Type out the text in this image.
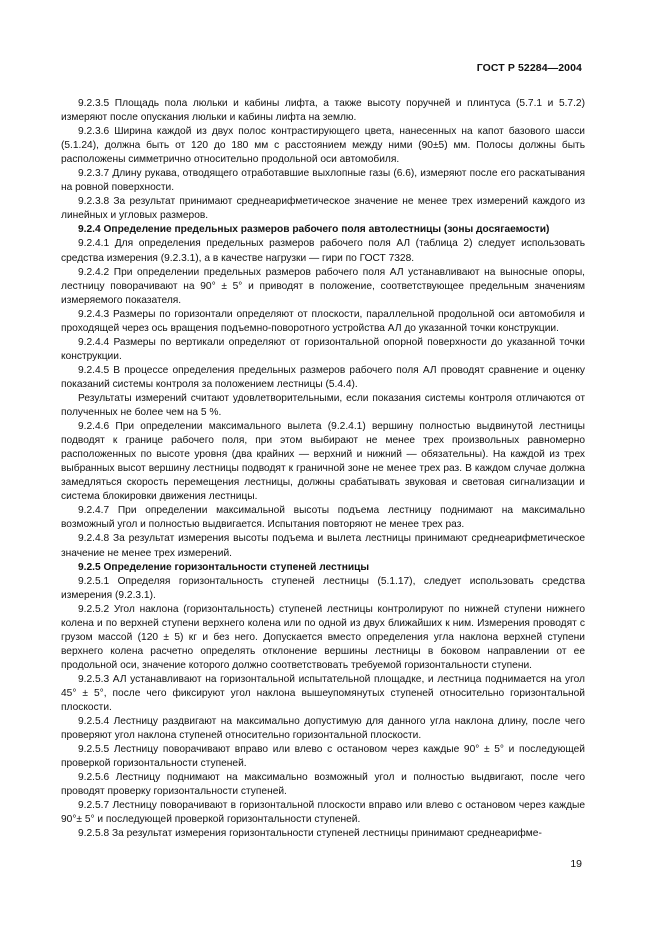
ГОСТ Р 52284—2004

9.2.3.5 Площадь пола люльки и кабины лифта, а также высоту поручней и плинтуса (5.7.1 и 5.7.2) измеряют после опускания люльки и кабины лифта на землю.

9.2.3.6 Ширина каждой из двух полос контрастирующего цвета, нанесенных на капот базового шасси (5.1.24), должна быть от 120 до 180 мм с расстоянием между ними (90±5) мм. Полосы должны быть расположены симметрично относительно продольной оси автомобиля.

9.2.3.7 Длину рукава, отводящего отработавшие выхлопные газы (6.6), измеряют после его раскатывания на ровной поверхности.

9.2.3.8 За результат принимают среднеарифметическое значение не менее трех измерений каждого из линейных и угловых размеров.

9.2.4 Определение предельных размеров рабочего поля автолестницы (зоны досягаемости)

9.2.4.1 Для определения предельных размеров рабочего поля АЛ (таблица 2) следует использовать средства измерения (9.2.3.1), а в качестве нагрузки — гири по ГОСТ 7328.

9.2.4.2 При определении предельных размеров рабочего поля АЛ устанавливают на выносные опоры, лестницу поворачивают на 90° ± 5° и приводят в положение, соответствующее предельным значениям измеряемого показателя.

9.2.4.3 Размеры по горизонтали определяют от плоскости, параллельной продольной оси автомобиля и проходящей через ось вращения подъемно-поворотного устройства АЛ до указанной точки конструкции.

9.2.4.4 Размеры по вертикали определяют от горизонтальной опорной поверхности до указанной точки конструкции.

9.2.4.5 В процессе определения предельных размеров рабочего поля АЛ проводят сравнение и оценку показаний системы контроля за положением лестницы (5.4.4).

Результаты измерений считают удовлетворительными, если показания системы контроля отличаются от полученных не более чем на 5 %.

9.2.4.6 При определении максимального вылета (9.2.4.1) вершину полностью выдвинутой лестницы подводят к границе рабочего поля, при этом выбирают не менее трех произвольных равномерно расположенных по высоте уровня (два крайних — верхний и нижний — обязательны). На каждой из трех выбранных высот вершину лестницы подводят к граничной зоне не менее трех раз. В каждом случае должна замедляться скорость перемещения лестницы, должны срабатывать звуковая и световая сигнализации и система блокировки движения лестницы.

9.2.4.7 При определении максимальной высоты подъема лестницу поднимают на максимально возможный угол и полностью выдвигается. Испытания повторяют не менее трех раз.

9.2.4.8 За результат измерения высоты подъема и вылета лестницы принимают среднеарифметическое значение не менее трех измерений.

9.2.5 Определение горизонтальности ступеней лестницы

9.2.5.1 Определяя горизонтальность ступеней лестницы (5.1.17), следует использовать средства измерения (9.2.3.1).

9.2.5.2 Угол наклона (горизонтальность) ступеней лестницы контролируют по нижней ступени нижнего колена и по верхней ступени верхнего колена или по одной из двух ближайших к ним. Измерения проводят с грузом массой (120 ± 5) кг и без него. Допускается вместо определения угла наклона верхней ступени верхнего колена расчетно определять отклонение вершины лестницы в боковом направлении от ее продольной оси, значение которого должно соответствовать требуемой горизонтальности ступени.

9.2.5.3 АЛ устанавливают на горизонтальной испытательной площадке, и лестница поднимается на угол 45° ± 5°, после чего фиксируют угол наклона вышеупомянутых ступеней относительно горизонтальной плоскости.

9.2.5.4 Лестницу раздвигают на максимально допустимую для данного угла наклона длину, после чего проверяют угол наклона ступеней относительно горизонтальной плоскости.

9.2.5.5 Лестницу поворачивают вправо или влево с остановом через каждые 90° ± 5° и последующей проверкой горизонтальности ступеней.

9.2.5.6 Лестницу поднимают на максимально возможный угол и полностью выдвигают, после чего проводят проверку горизонтальности ступеней.

9.2.5.7 Лестницу поворачивают в горизонтальной плоскости вправо или влево с остановом через каждые 90°± 5° и последующей проверкой горизонтальности ступеней.

9.2.5.8 За результат измерения горизонтальности ступеней лестницы принимают среднеарифме-

19
